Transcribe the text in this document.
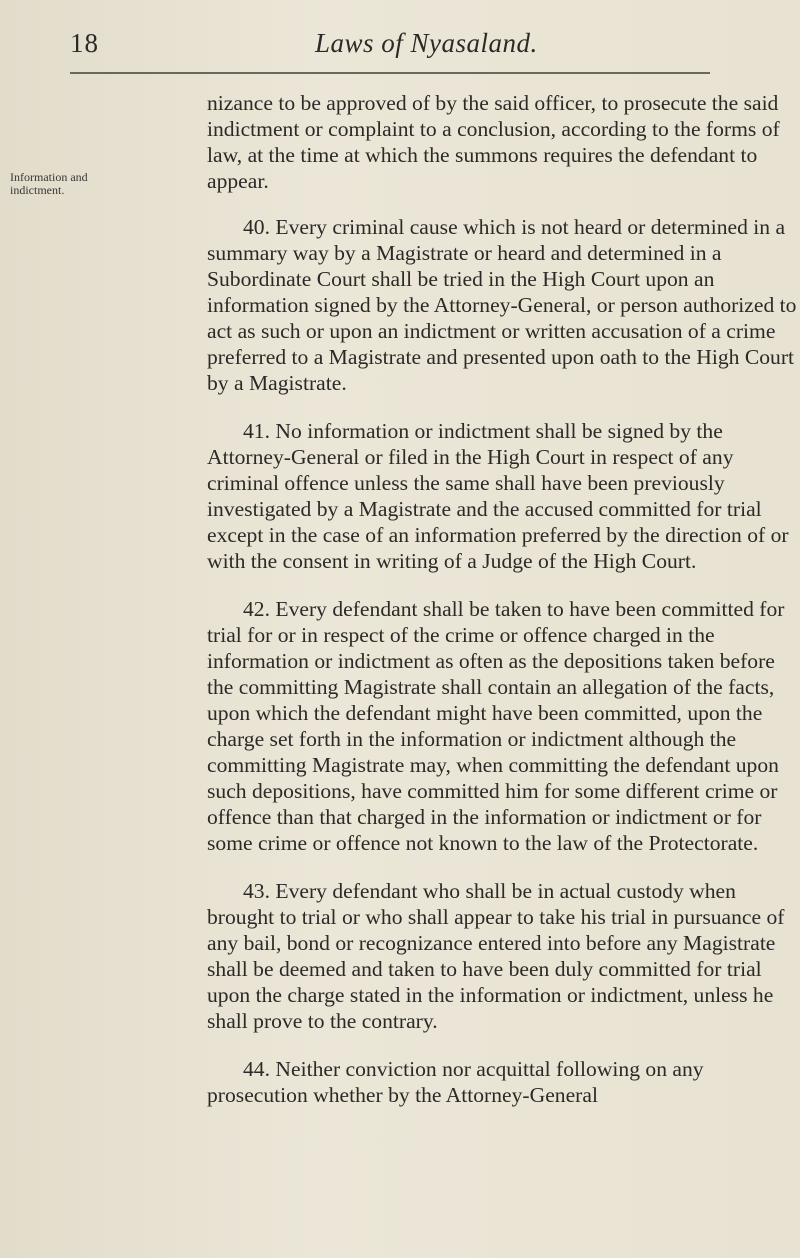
18	Laws of Nyasaland.
Information and indictment.

nizance to be approved of by the said officer, to prosecute the said indictment or complaint to a conclusion, according to the forms of law, at the time at which the summons requires the defendant to appear.

40. Every criminal cause which is not heard or determined in a summary way by a Magistrate or heard and determined in a Subordinate Court shall be tried in the High Court upon an information signed by the Attorney-General, or person authorized to act as such or upon an indictment or written accusation of a crime preferred to a Magistrate and presented upon oath to the High Court by a Magistrate.

41. No information or indictment shall be signed by the Attorney-General or filed in the High Court in respect of any criminal offence unless the same shall have been previously investigated by a Magistrate and the accused committed for trial except in the case of an information preferred by the direction of or with the consent in writing of a Judge of the High Court.

42. Every defendant shall be taken to have been committed for trial for or in respect of the crime or offence charged in the information or indictment as often as the depositions taken before the committing Magistrate shall contain an allegation of the facts, upon which the defendant might have been committed, upon the charge set forth in the information or indictment although the committing Magistrate may, when committing the defendant upon such depositions, have committed him for some different crime or offence than that charged in the information or indictment or for some crime or offence not known to the law of the Protectorate.

43. Every defendant who shall be in actual custody when brought to trial or who shall appear to take his trial in pursuance of any bail, bond or recognizance entered into before any Magistrate shall be deemed and taken to have been duly committed for trial upon the charge stated in the information or indictment, unless he shall prove to the contrary.

44. Neither conviction nor acquittal following on any prosecution whether by the Attorney-General
